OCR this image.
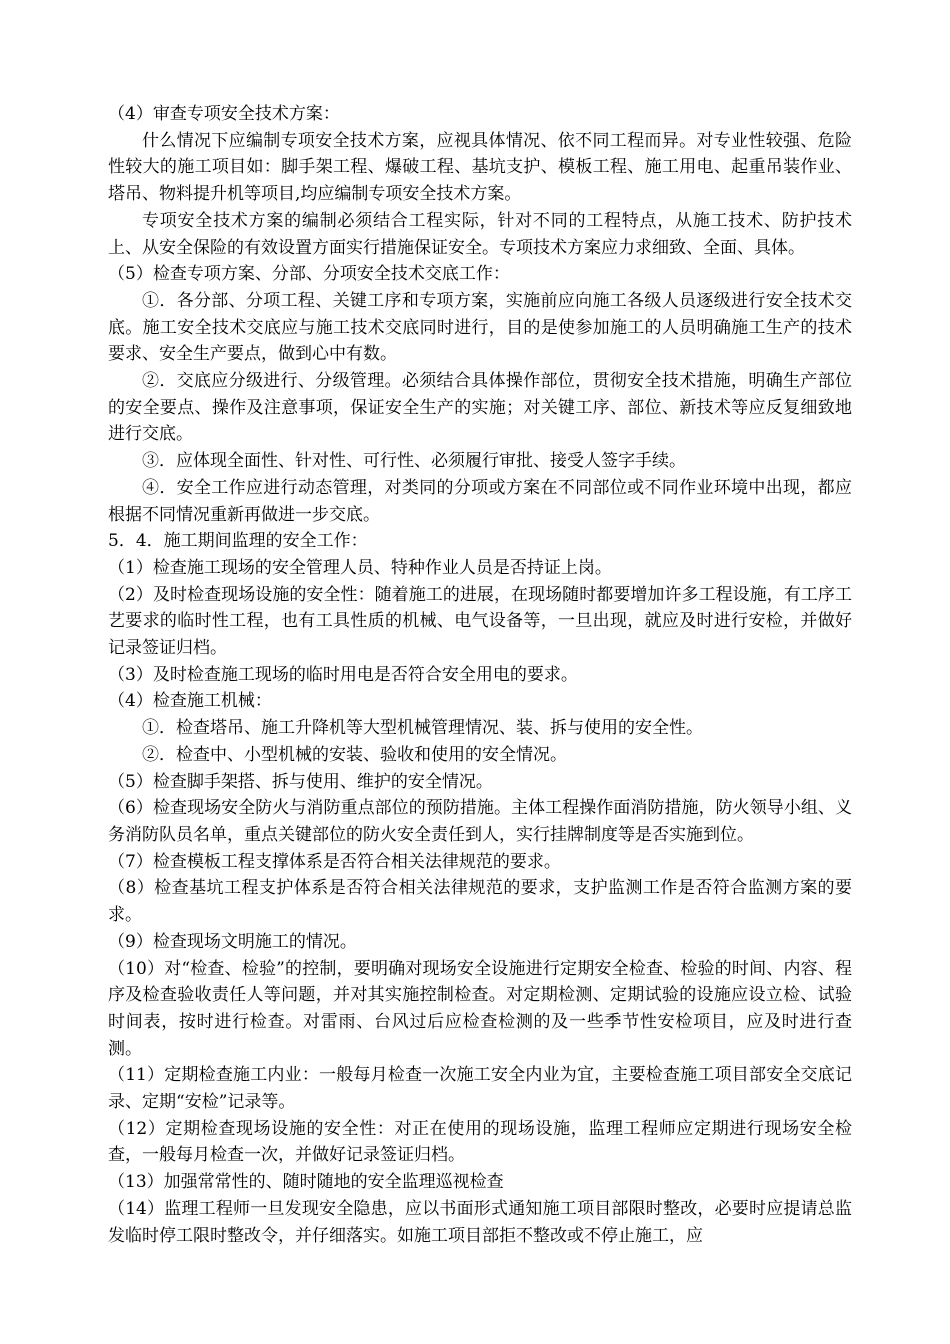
（4）审查专项安全技术方案：

什么情况下应编制专项安全技术方案，应视具体情况、依不同工程而异。对专业性较强、危险性较大的施工项目如：脚手架工程、爆破工程、基坑支护、模板工程、施工用电、起重吊装作业、塔吊、物料提升机等项目,均应编制专项安全技术方案。

专项安全技术方案的编制必须结合工程实际，针对不同的工程特点，从施工技术、防护技术上、从安全保险的有效设置方面实行措施保证安全。专项技术方案应力求细致、全面、具体。

（5）检查专项方案、分部、分项安全技术交底工作：

①．各分部、分项工程、关键工序和专项方案，实施前应向施工各级人员逐级进行安全技术交底。施工安全技术交底应与施工技术交底同时进行，目的是使参加施工的人员明确施工生产的技术要求、安全生产要点，做到心中有数。

②．交底应分级进行、分级管理。必须结合具体操作部位，贯彻安全技术措施，明确生产部位的安全要点、操作及注意事项，保证安全生产的实施；对关键工序、部位、新技术等应反复细致地进行交底。

③．应体现全面性、针对性、可行性、必须履行审批、接受人签字手续。

④．安全工作应进行动态管理，对类同的分项或方案在不同部位或不同作业环境中出现，都应根据不同情况重新再做进一步交底。

5．4．施工期间监理的安全工作：

（1）检查施工现场的安全管理人员、特种作业人员是否持证上岗。

（2）及时检查现场设施的安全性：随着施工的进展，在现场随时都要增加许多工程设施，有工序工艺要求的临时性工程，也有工具性质的机械、电气设备等，一旦出现，就应及时进行安检，并做好记录签证归档。

（3）及时检查施工现场的临时用电是否符合安全用电的要求。

（4）检查施工机械：

①．检查塔吊、施工升降机等大型机械管理情况、装、拆与使用的安全性。

②．检查中、小型机械的安装、验收和使用的安全情况。

（5）检查脚手架搭、拆与使用、维护的安全情况。

（6）检查现场安全防火与消防重点部位的预防措施。主体工程操作面消防措施，防火领导小组、义务消防队员名单，重点关键部位的防火安全责任到人，实行挂牌制度等是否实施到位。

（7）检查模板工程支撑体系是否符合相关法律规范的要求。

（8）检查基坑工程支护体系是否符合相关法律规范的要求，支护监测工作是否符合监测方案的要求。

（9）检查现场文明施工的情况。

（10）对“检查、检验”的控制，要明确对现场安全设施进行定期安全检查、检验的时间、内容、程序及检查验收责任人等问题，并对其实施控制检查。对定期检测、定期试验的设施应设立检、试验时间表，按时进行检查。对雷雨、台风过后应检查检测的及一些季节性安检项目，应及时进行查测。

（11）定期检查施工内业：一般每月检查一次施工安全内业为宜，主要检查施工项目部安全交底记录、定期“安检”记录等。

（12）定期检查现场设施的安全性：对正在使用的现场设施，监理工程师应定期进行现场安全检查，一般每月检查一次，并做好记录签证归档。

（13）加强常常性的、随时随地的安全监理巡视检查

（14）监理工程师一旦发现安全隐患，应以书面形式通知施工项目部限时整改，必要时应提请总监发临时停工限时整改令，并仔细落实。如施工项目部拒不整改或不停止施工，应
